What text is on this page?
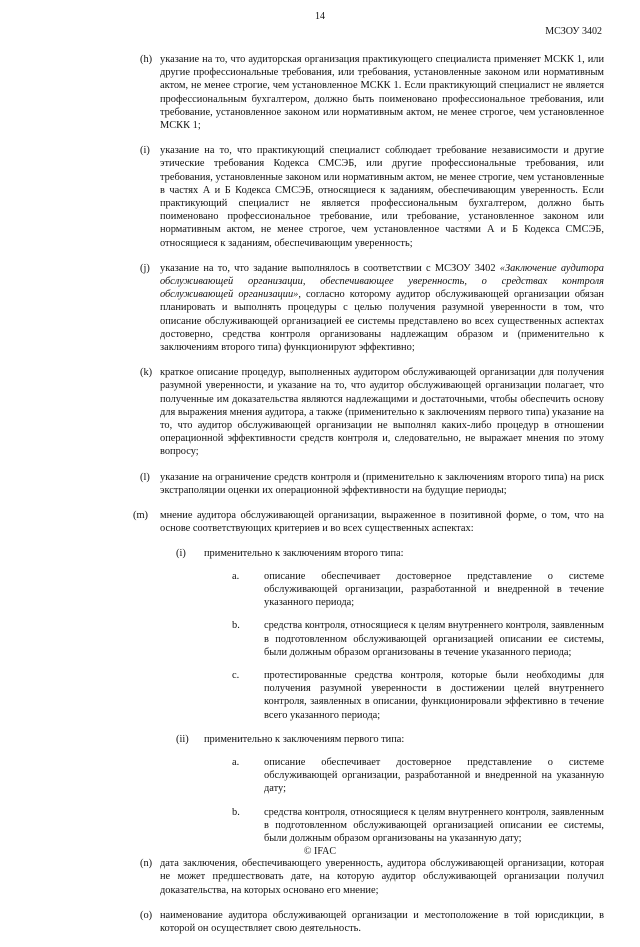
14
МСЗОУ 3402
(h) указание на то, что аудиторская организация практикующего специалиста применяет МСКК 1, или другие профессиональные требования, или требования, установленные законом или нормативным актом, не менее строгие, чем установленное МСКК 1. Если практикующий специалист не является профессиональным бухгалтером, должно быть поименовано профессиональное требования, или требование, установленное законом или нормативным актом, не менее строгое, чем установленное МСКК 1;

(i) указание на то, что практикующий специалист соблюдает требование независимости и другие этические требования Кодекса СМСЭБ, или другие профессиональные требования, или требования, установленные законом или нормативным актом, не менее строгие, чем установленные в частях А и Б Кодекса СМСЭБ, относящиеся к заданиям, обеспечивающим уверенность. Если практикующий специалист не является профессиональным бухгалтером, должно быть поименовано профессиональное требование, или требование, установленное законом или нормативным актом, не менее строгое, чем установленное частями А и Б Кодекса СМСЭБ, относящиеся к заданиям, обеспечивающим уверенность;

(j) указание на то, что задание выполнялось в соответствии с МСЗОУ 3402 «Заключение аудитора обслуживающей организации, обеспечивающее уверенность, о средствах контроля обслуживающей организации», согласно которому аудитор обслуживающей организации обязан планировать и выполнять процедуры с целью получения разумной уверенности в том, что описание обслуживающей организацией ее системы представлено во всех существенных аспектах достоверно, средства контроля организованы надлежащим образом и (применительно к заключениям второго типа) функционируют эффективно;

(k) краткое описание процедур, выполненных аудитором обслуживающей организации для получения разумной уверенности, и указание на то, что аудитор обслуживающей организации полагает, что полученные им доказательства являются надлежащими и достаточными, чтобы обеспечить основу для выражения мнения аудитора, а также (применительно к заключениям первого типа) указание на то, что аудитор обслуживающей организации не выполнял каких-либо процедур в отношении операционной эффективности средств контроля и, следовательно, не выражает мнения по этому вопросу;

(l) указание на ограничение средств контроля и (применительно к заключениям второго типа) на риск экстраполяции оценки их операционной эффективности на будущие периоды;

(m) мнение аудитора обслуживающей организации, выраженное в позитивной форме, о том, что на основе соответствующих критериев и во всех существенных аспектах:

(i) применительно к заключениям второго типа:

a. описание обеспечивает достоверное представление о системе обслуживающей организации, разработанной и внедренной в течение указанного периода;
b. средства контроля, относящиеся к целям внутреннего контроля, заявленным в подготовленном обслуживающей организацией описании ее системы, были должным образом организованы в течение указанного периода;
c. протестированные средства контроля, которые были необходимы для получения разумной уверенности в достижении целей внутреннего контроля, заявленных в описании, функционировали эффективно в течение всего указанного периода;
(ii) применительно к заключениям первого типа:

a. описание обеспечивает достоверное представление о системе обслуживающей организации, разработанной и внедренной на указанную дату;
b. средства контроля, относящиеся к целям внутреннего контроля, заявленным в подготовленном обслуживающей организацией описании ее системы, были должным образом организованы на указанную дату;
(n) дата заключения, обеспечивающего уверенность, аудитора обслуживающей организации, которая не может предшествовать дате, на которую аудитор обслуживающей организации получил доказательства, на которых основано его мнение;

(o) наименование аудитора обслуживающей организации и местоположение в той юрисдикции, в которой он осуществляет свою деятельность.

© IFAC
